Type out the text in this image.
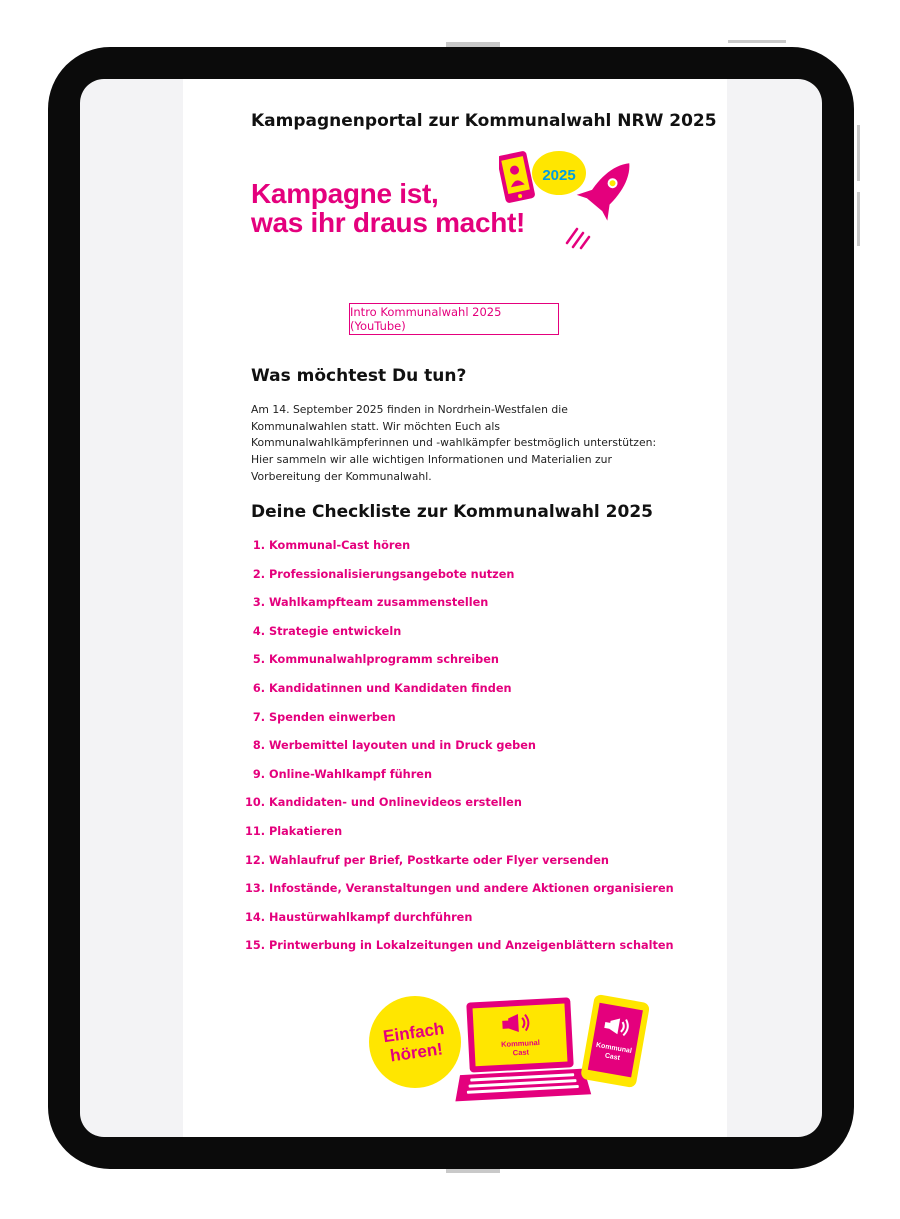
Kampagnenportal zur Kommunalwahl NRW 2025
Kampagne ist,
was ihr draus macht!
2025
Intro Kommunalwahl 2025 (YouTube)
Was möchtest Du tun?
Am 14. September 2025 finden in Nordrhein-Westfalen die Kommunalwahlen statt. Wir möchten Euch als Kommunalwahlkämpferinnen und -wahlkämpfer bestmöglich unterstützen: Hier sammeln wir alle wichtigen Informationen und Materialien zur Vorbereitung der Kommunalwahl.
Deine Checkliste zur Kommunalwahl 2025
1. Kommunal-Cast hören
2. Professionalisierungsangebote nutzen
3. Wahlkampfteam zusammenstellen
4. Strategie entwickeln
5. Kommunalwahlprogramm schreiben
6. Kandidatinnen und Kandidaten finden
7. Spenden einwerben
8. Werbemittel layouten und in Druck geben
9. Online-Wahlkampf führen
10. Kandidaten- und Onlinevideos erstellen
11. Plakatieren
12. Wahlaufruf per Brief, Postkarte oder Flyer versenden
13. Infostände, Veranstaltungen und andere Aktionen organisieren
14. Haustürwahlkampf durchführen
15. Printwerbung in Lokalzeitungen und Anzeigenblättern schalten
Einfach
hören!	Kommunal
Cast	Kommunal
Cast
